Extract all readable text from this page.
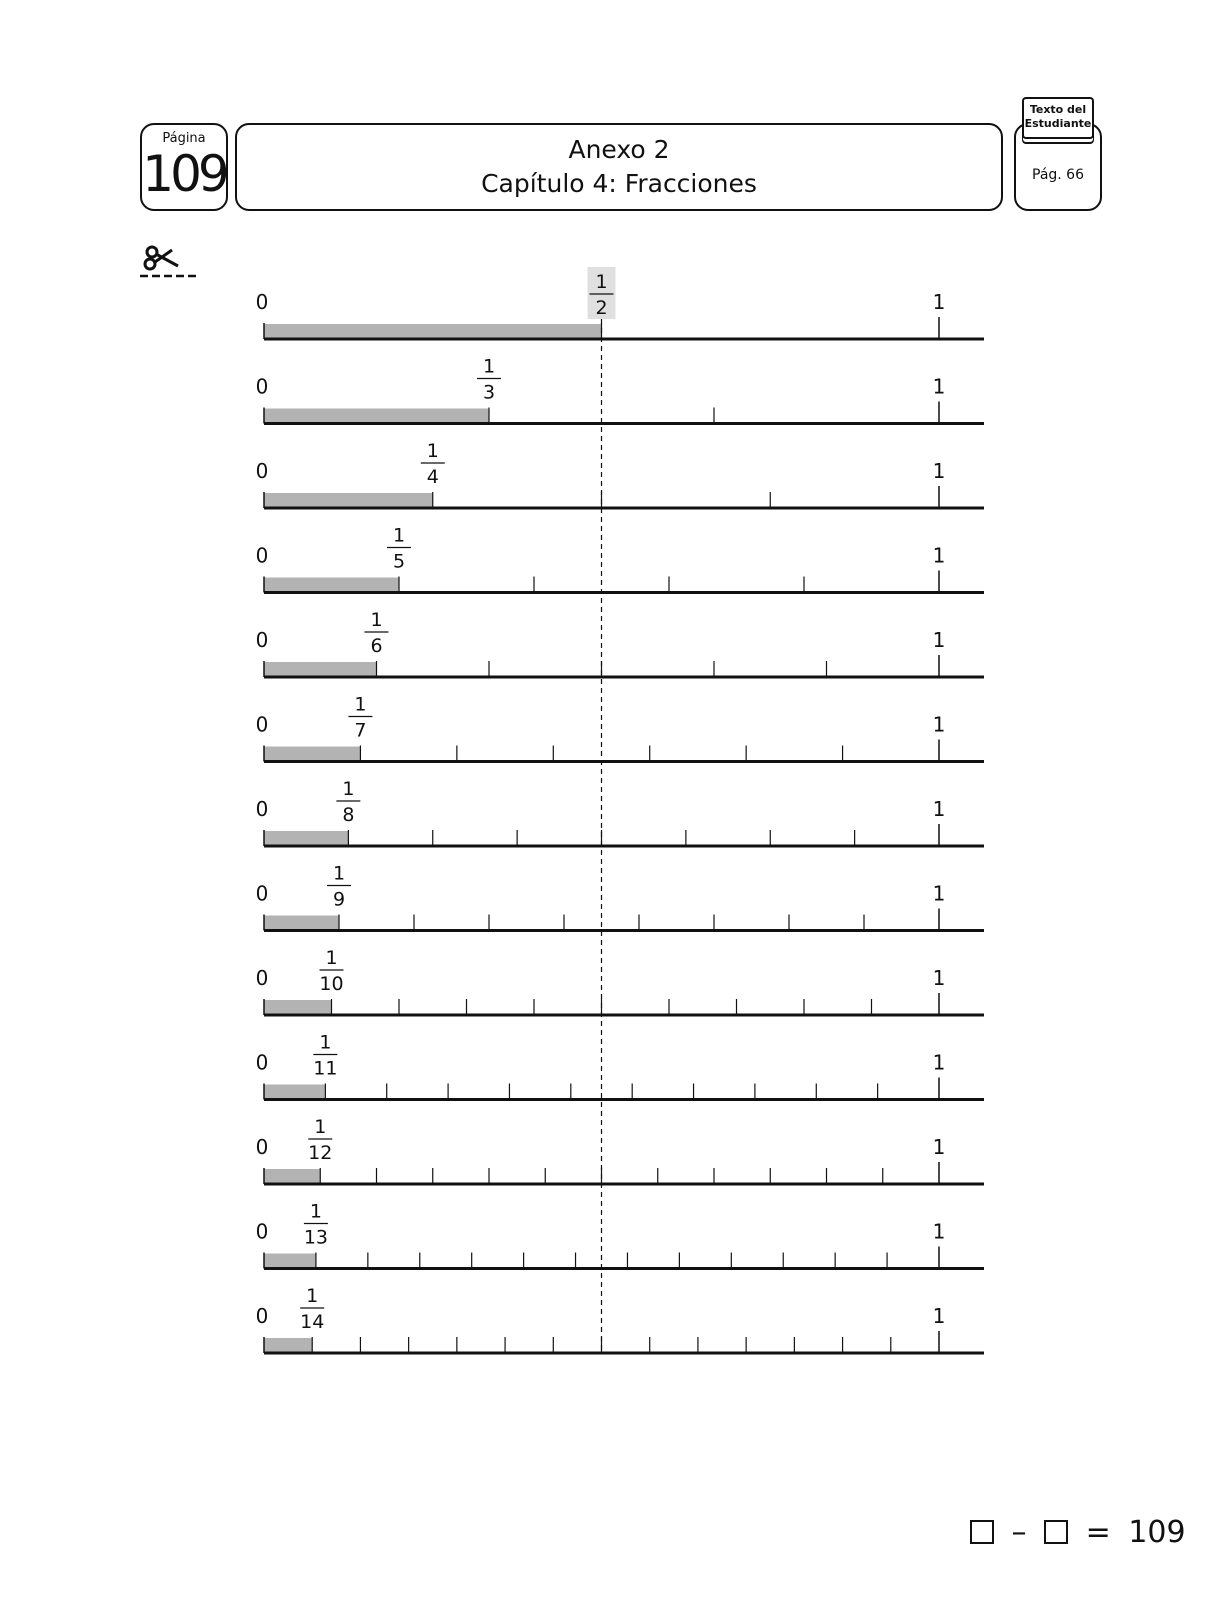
Página
109	Anexo 2
Capítulo 4: Fracciones	Pág. 66
Texto del
Estudiante
0	1
1
2
0	1
1
3
0	1
1
4
0	1
1
5
0	1
1
6
0	1
1
7
0	1
1
8
0	1
1
9
0	1
1
10
0	1
1
11
0	1
1
12
0	1
1
13
0	1
1
14
– = 109
